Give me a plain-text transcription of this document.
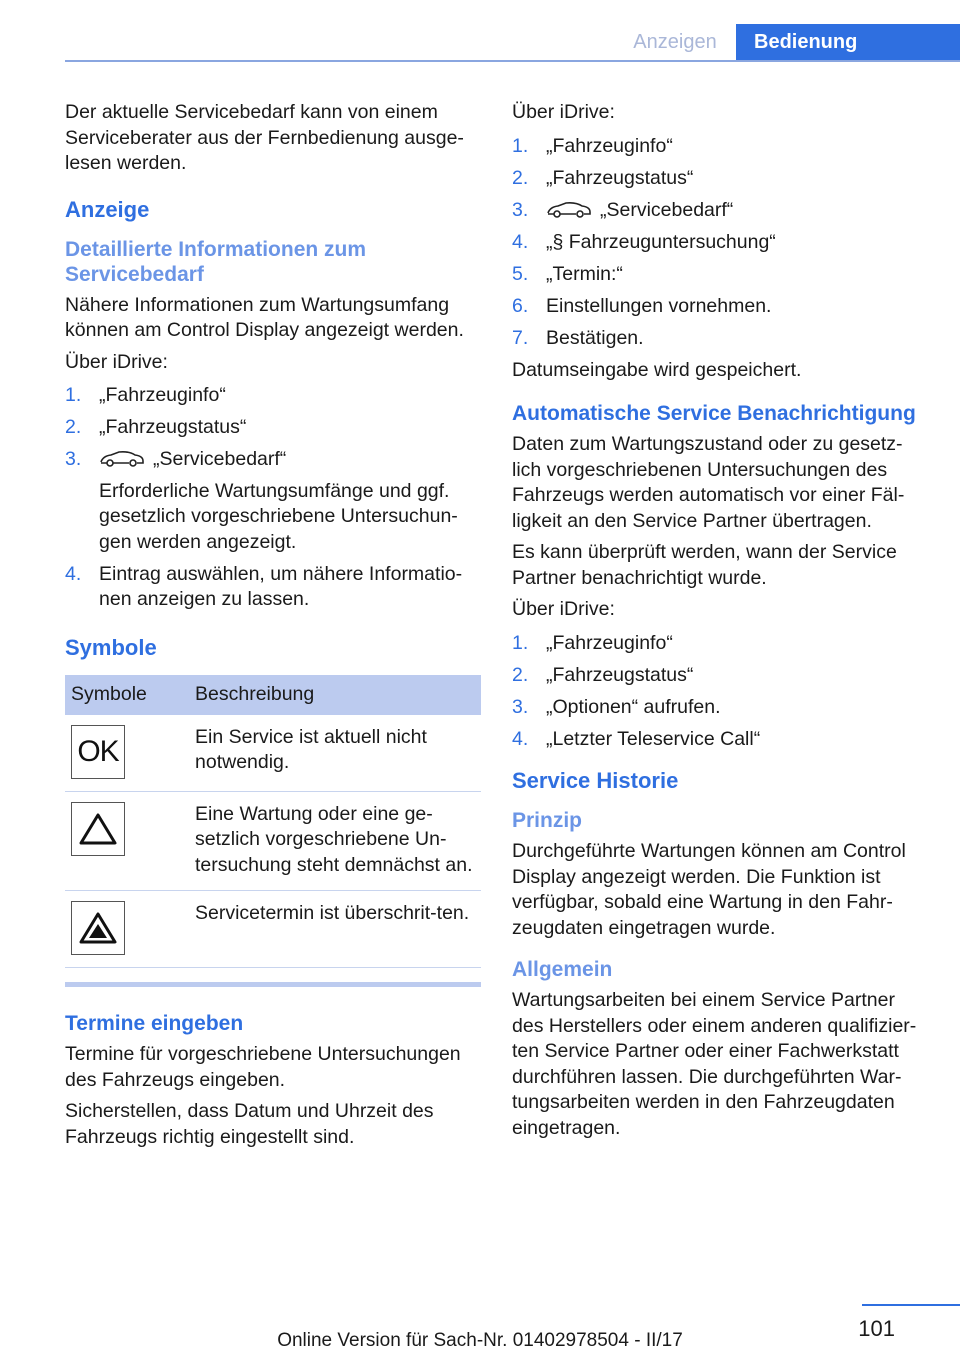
Anzeigen	Bedienung

Der aktuelle Servicebedarf kann von einem Serviceberater aus der Fernbedienung ausge‐lesen werden.

Anzeige
Detaillierte Informationen zum Servicebedarf

Nähere Informationen zum Wartungsumfang können am Control Display angezeigt werden.

Über iDrive:

1. „Fahrzeuginfo“
2. „Fahrzeugstatus“
3.	„Servicebedarf“
Erforderliche Wartungsumfänge und ggf. gesetzlich vorgeschriebene Untersuchun‐gen werden angezeigt.
4. Eintrag auswählen, um nähere Informatio‐nen anzeigen zu lassen.
Symbole
Symbole	Beschreibung

OK	Ein Service ist aktuell nicht notwendig.

	Eine Wartung oder eine ge‐setzlich vorgeschriebene Un‐tersuchung steht demnächst an.

	Servicetermin ist überschrit‐ten.
Termine eingeben

Termine für vorgeschriebene Untersuchungen des Fahrzeugs eingeben.

Sicherstellen, dass Datum und Uhrzeit des Fahrzeugs richtig eingestellt sind.

Über iDrive:

1. „Fahrzeuginfo“
2. „Fahrzeugstatus“
3.	„Servicebedarf“
4. „§ Fahrzeuguntersuchung“
5. „Termin:“
6. Einstellungen vornehmen.
7. Bestätigen.

Datumseingabe wird gespeichert.

Automatische Service Benachrichtigung

Daten zum Wartungszustand oder zu gesetz‐lich vorgeschriebenen Untersuchungen des Fahrzeugs werden automatisch vor einer Fäl‐ligkeit an den Service Partner übertragen.

Es kann überprüft werden, wann der Service Partner benachrichtigt wurde.

Über iDrive:

1. „Fahrzeuginfo“
2. „Fahrzeugstatus“
3. „Optionen“ aufrufen.
4. „Letzter Teleservice Call“
Service Historie
Prinzip

Durchgeführte Wartungen können am Control Display angezeigt werden. Die Funktion ist verfügbar, sobald eine Wartung in den Fahr‐zeugdaten eingetragen wurde.

Allgemein

Wartungsarbeiten bei einem Service Partner des Herstellers oder einem anderen qualifizier‐ten Service Partner oder einer Fachwerkstatt durchführen lassen. Die durchgeführten War‐tungsarbeiten werden in den Fahrzeugdaten eingetragen.

101
Online Version für Sach-Nr. 01402978504 - II/17
